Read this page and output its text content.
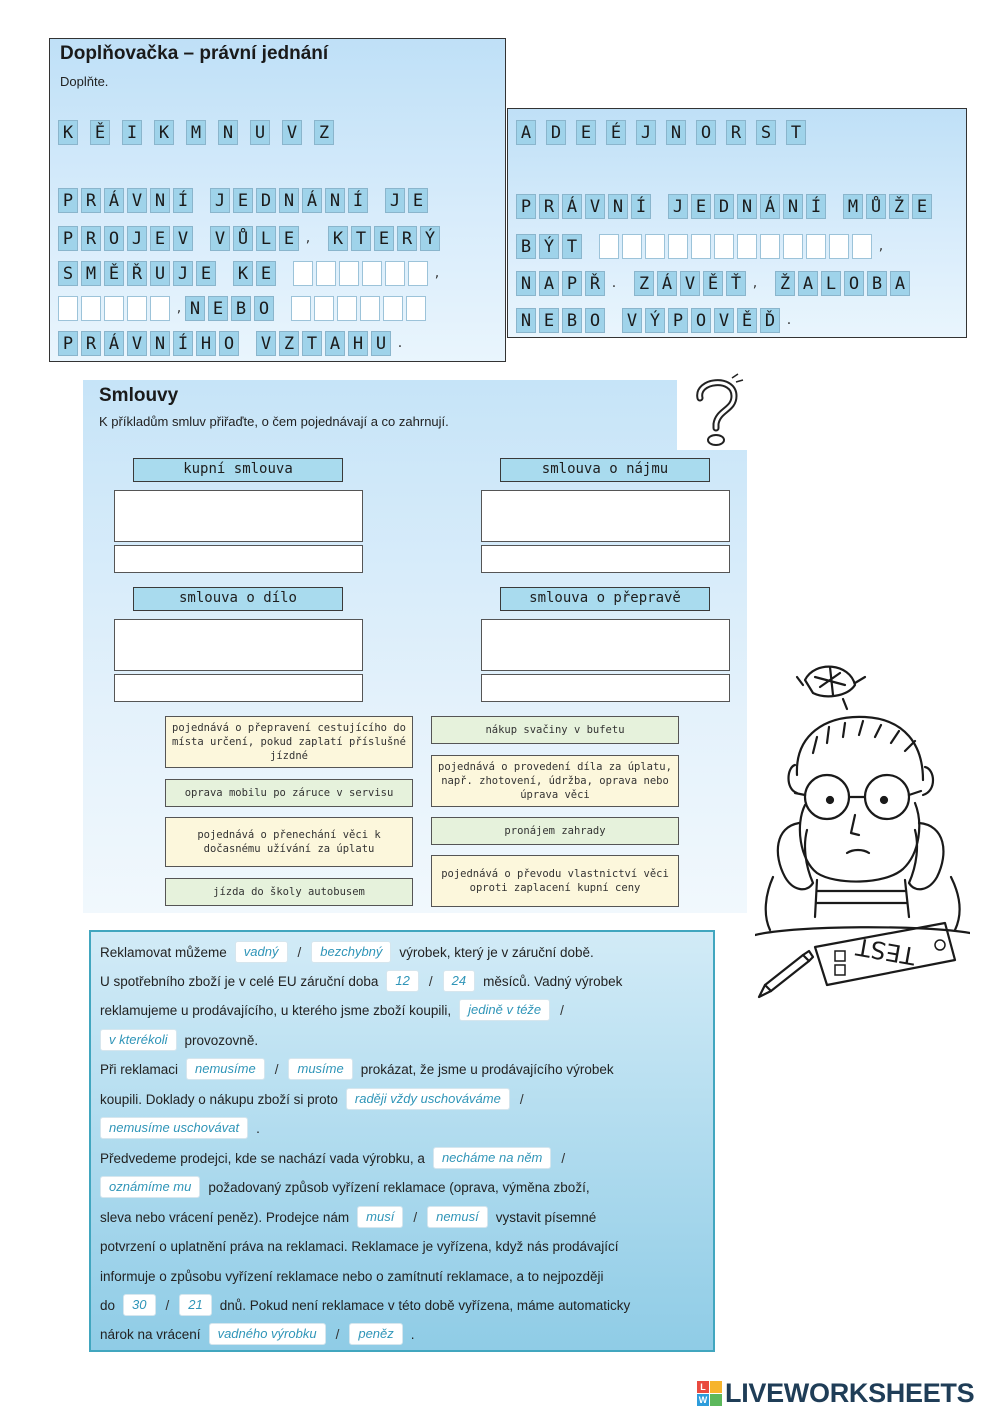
Doplňovačka – právní jednání
Doplňte.
K Ě I K M N U V Z
P R Á V N Í J E D N Á N Í J E
P R O J E V V Ů L E , K T E R Ý
S M Ě Ř U J E K E	,
, N E B O
P R Á V N Í H O V Z T A H U .
A D E É J N O R S T
P R Á V N Í J E D N Á N Í M Ů Ž E
B Ý T	,
N A P Ř . Z Á V Ě Ť , Ž A L O B A
N E B O V Ý P O V Ě Ď .
Smlouvy
K příkladům smluv přiřaďte, o čem pojednávají a co zahrnují.
kupní smlouva	smlouva o nájmu
smlouva o dílo	smlouva o přepravě
pojednává o přepravení cestujícího do místa určení, pokud zaplatí příslušné jízdné
oprava mobilu po záruce v servisu
pojednává o přenechání věci k dočasnému užívání za úplatu
jízda do školy autobusem
nákup svačiny v bufetu
pojednává o provedení díla za úplatu, např. zhotovení, údržba, oprava nebo úprava věci
pronájem zahrady
pojednává o převodu vlastnictví věci oproti zaplacení kupní ceny
TEST
Reklamovat můžeme	vadný	/	bezchybný	výrobek, který je v záruční době.
U spotřebního zboží je v celé EU záruční doba	12	/	24	měsíců. Vadný výrobek
reklamujeme u prodávajícího, u kterého jsme zboží koupili,	jedině v téže	/
v kterékoli	provozovně.
Při reklamaci	nemusíme	/	musíme	prokázat, že jsme u prodávajícího výrobek
koupili. Doklady o nákupu zboží si proto	raději vždy uschováváme	/
nemusíme uschovávat	.
Předvedeme prodejci, kde se nachází vada výrobku, a	necháme na něm	/
oznámíme mu	požadovaný způsob vyřízení reklamace (oprava, výměna zboží,
sleva nebo vrácení peněz). Prodejce nám	musí	/	nemusí	vystavit písemné
potvrzení o uplatnění práva na reklamaci. Reklamace je vyřízena, když nás prodávající
informuje o způsobu vyřízení reklamace nebo o zamítnutí reklamace, a to nejpozději
do	30	/	21	dnů. Pokud není reklamace v této době vyřízena, máme automaticky
nárok na vrácení	vadného výrobku	/	peněz	.
L
W LIVEWORKSHEETS
